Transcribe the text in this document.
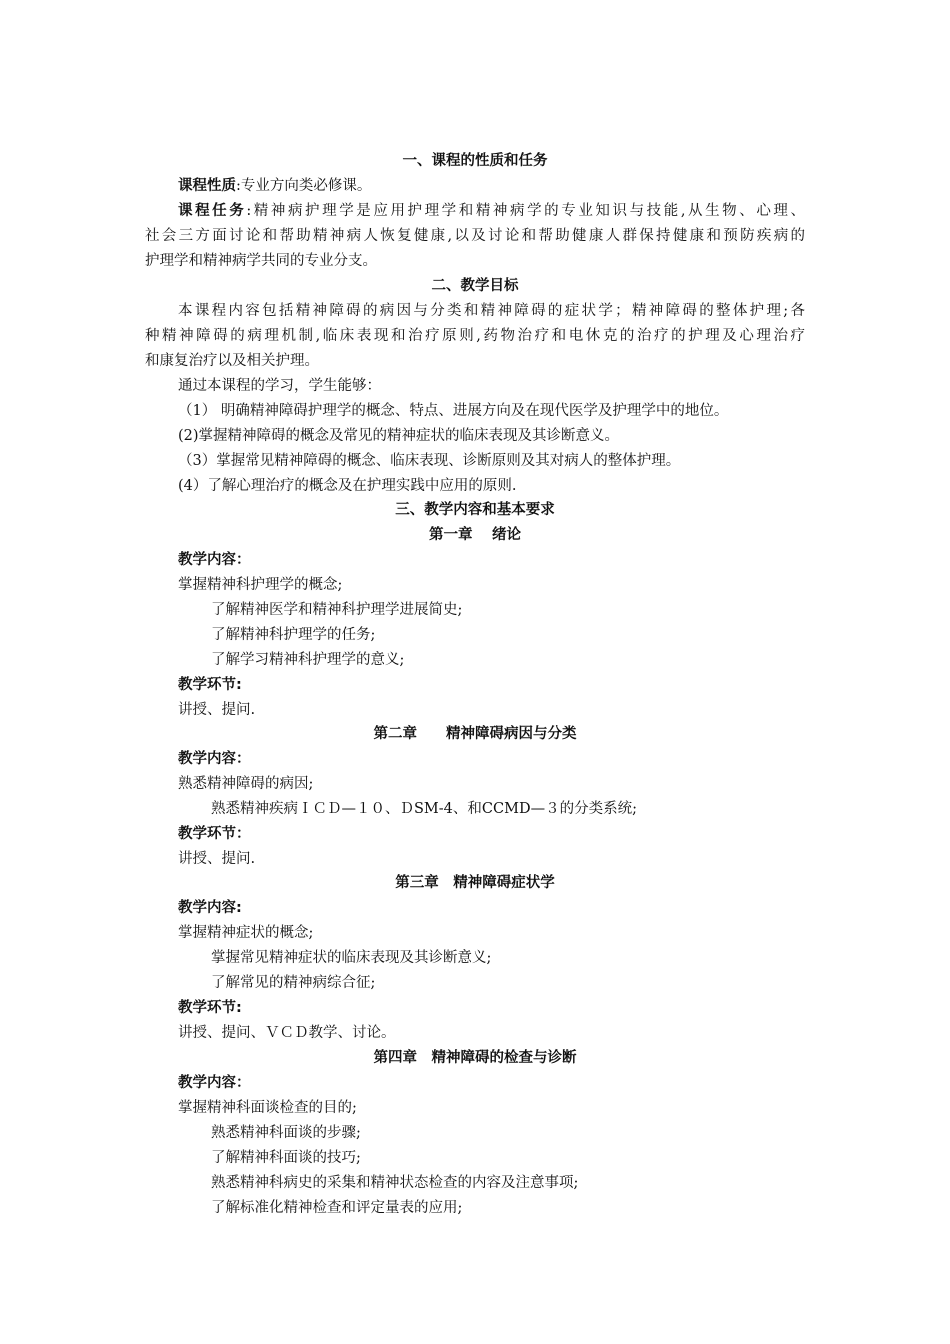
一、课程的性质和任务
课程性质:专业方向类必修课。
课程任务:精神病护理学是应用护理学和精神病学的专业知识与技能,从生物、心理、
社会三方面讨论和帮助精神病人恢复健康,以及讨论和帮助健康人群保持健康和预防疾病的
护理学和精神病学共同的专业分支。
二、教学目标
本课程内容包括精神障碍的病因与分类和精神障碍的症状学；精神障碍的整体护理;各
种精神障碍的病理机制,临床表现和治疗原则,药物治疗和电休克的治疗的护理及心理治疗
和康复治疗以及相关护理。
通过本课程的学习，学生能够：
（1） 明确精神障碍护理学的概念、特点、进展方向及在现代医学及护理学中的地位。
(2)掌握精神障碍的概念及常见的精神症状的临床表现及其诊断意义。
（3）掌握常见精神障碍的概念、临床表现、诊断原则及其对病人的整体护理。
(4）了解心理治疗的概念及在护理实践中应用的原则.
三、教学内容和基本要求
第一章　 绪论
教学内容：
掌握精神科护理学的概念;
了解精神医学和精神科护理学进展简史;
了解精神科护理学的任务;
了解学习精神科护理学的意义;
教学环节:
讲授、提问.
第二章　　精神障碍病因与分类
教学内容：
熟悉精神障碍的病因;
熟悉精神疾病ＩＣＤ—１０、ＤSM-4、和CCMD—３的分类系统;
教学环节：
讲授、提问.
第三章　精神障碍症状学
教学内容:
掌握精神症状的概念;
掌握常见精神症状的临床表现及其诊断意义;
了解常见的精神病综合征;
教学环节:
讲授、提问、ＶＣＤ教学、讨论。
第四章　精神障碍的检查与诊断
教学内容：
掌握精神科面谈检查的目的;
熟悉精神科面谈的步骤;
了解精神科面谈的技巧;
熟悉精神科病史的采集和精神状态检查的内容及注意事项;
了解标准化精神检查和评定量表的应用;
